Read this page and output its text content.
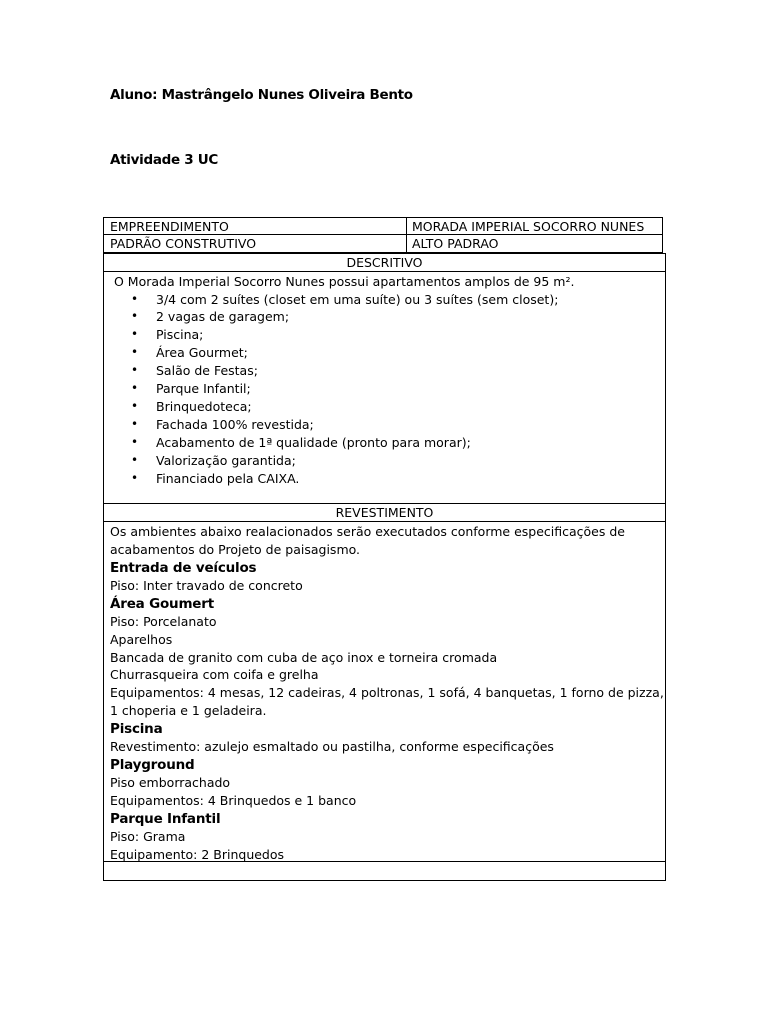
Aluno: Mastrângelo Nunes Oliveira Bento
Atividade 3 UC
EMPREENDIMENTO	MORADA IMPERIAL SOCORRO NUNES
PADRÃO CONSTRUTIVO	ALTO PADRAO
DESCRITIVO
O Morada Imperial Socorro Nunes possui apartamentos amplos de 95 m².
• 3/4 com 2 suítes (closet em uma suíte) ou 3 suítes (sem closet);
• 2 vagas de garagem;
• Piscina;
• Área Gourmet;
• Salão de Festas;
• Parque Infantil;
• Brinquedoteca;
• Fachada 100% revestida;
• Acabamento de 1ª qualidade (pronto para morar);
• Valorização garantida;
• Financiado pela CAIXA.
REVESTIMENTO
Os ambientes abaixo realacionados serão executados conforme especificações de
acabamentos do Projeto de paisagismo.
Entrada de veículos
Piso: Inter travado de concreto
Área Goumert
Piso: Porcelanato
Aparelhos
Bancada de granito com cuba de aço inox e torneira cromada
Churrasqueira com coifa e grelha
Equipamentos: 4 mesas, 12 cadeiras, 4 poltronas, 1 sofá, 4 banquetas, 1 forno de pizza,
1 choperia e 1 geladeira.
Piscina
Revestimento: azulejo esmaltado ou pastilha, conforme especificações
Playground
Piso emborrachado
Equipamentos: 4 Brinquedos e 1 banco
Parque Infantil
Piso: Grama
Equipamento: 2 Brinquedos
